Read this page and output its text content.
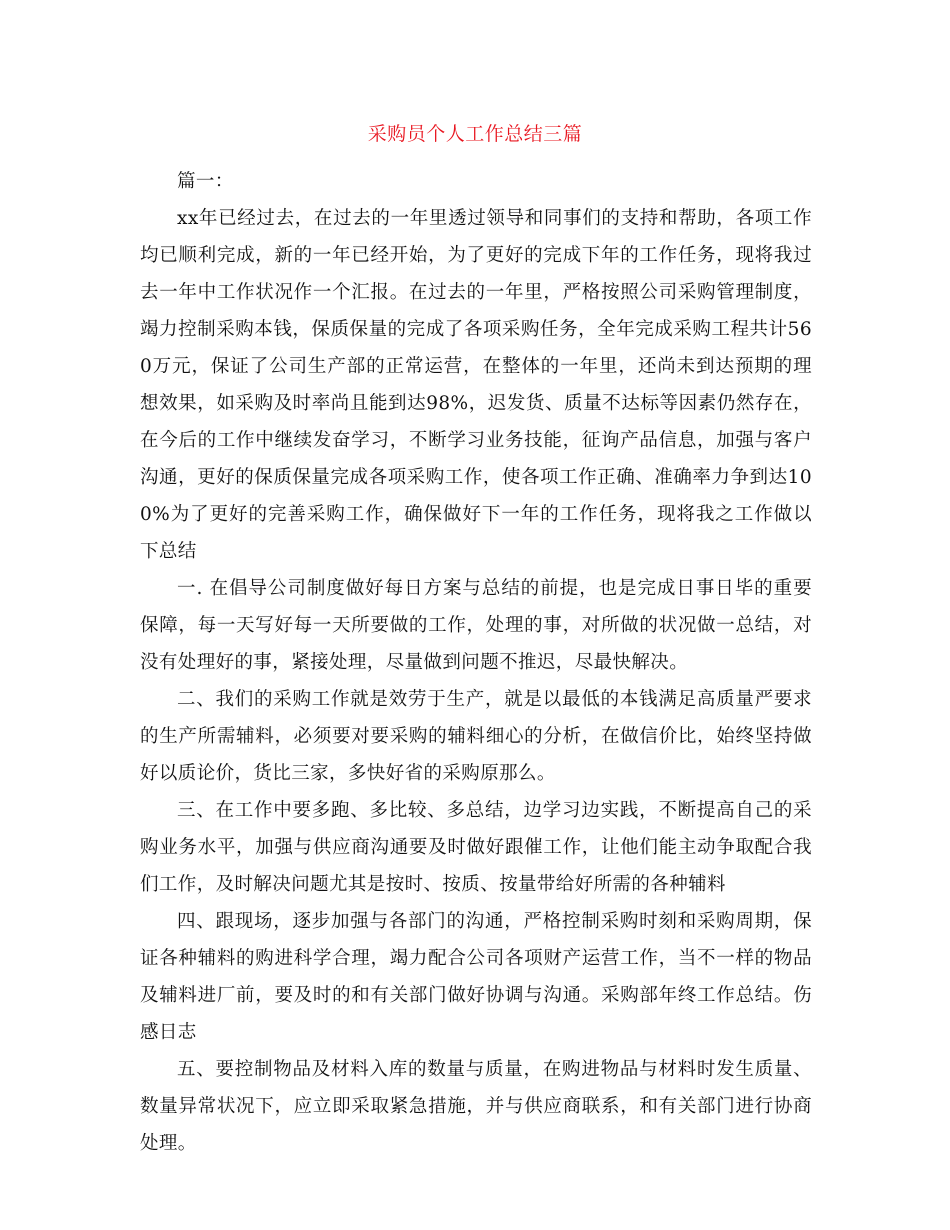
采购员个人工作总结三篇

篇一：

xx年已经过去，在过去的一年里透过领导和同事们的支持和帮助，各项工作均已顺利完成，新的一年已经开始，为了更好的完成下年的工作任务，现将我过去一年中工作状况作一个汇报。在过去的一年里，严格按照公司采购管理制度，竭力控制采购本钱，保质保量的完成了各项采购任务，全年完成采购工程共计560万元，保证了公司生产部的正常运营，在整体的一年里，还尚未到达预期的理想效果，如采购及时率尚且能到达98%，迟发货、质量不达标等因素仍然存在，在今后的工作中继续发奋学习，不断学习业务技能，征询产品信息，加强与客户沟通，更好的保质保量完成各项采购工作，使各项工作正确、准确率力争到达100%为了更好的完善采购工作，确保做好下一年的工作任务，现将我之工作做以下总结

一. 在倡导公司制度做好每日方案与总结的前提，也是完成日事日毕的重要保障，每一天写好每一天所要做的工作，处理的事，对所做的状况做一总结，对没有处理好的事，紧接处理，尽量做到问题不推迟，尽最快解决。

二、我们的采购工作就是效劳于生产，就是以最低的本钱满足高质量严要求的生产所需辅料，必须要对要采购的辅料细心的分析，在做信价比，始终坚持做好以质论价，货比三家，多快好省的采购原那么。

三、在工作中要多跑、多比较、多总结，边学习边实践，不断提高自己的采购业务水平，加强与供应商沟通要及时做好跟催工作，让他们能主动争取配合我们工作，及时解决问题尤其是按时、按质、按量带给好所需的各种辅料

四、跟现场，逐步加强与各部门的沟通，严格控制采购时刻和采购周期，保证各种辅料的购进科学合理，竭力配合公司各项财产运营工作，当不一样的物品及辅料进厂前，要及时的和有关部门做好协调与沟通。采购部年终工作总结。伤感日志

五、要控制物品及材料入库的数量与质量，在购进物品与材料时发生质量、数量异常状况下，应立即采取紧急措施，并与供应商联系，和有关部门进行协商处理。
